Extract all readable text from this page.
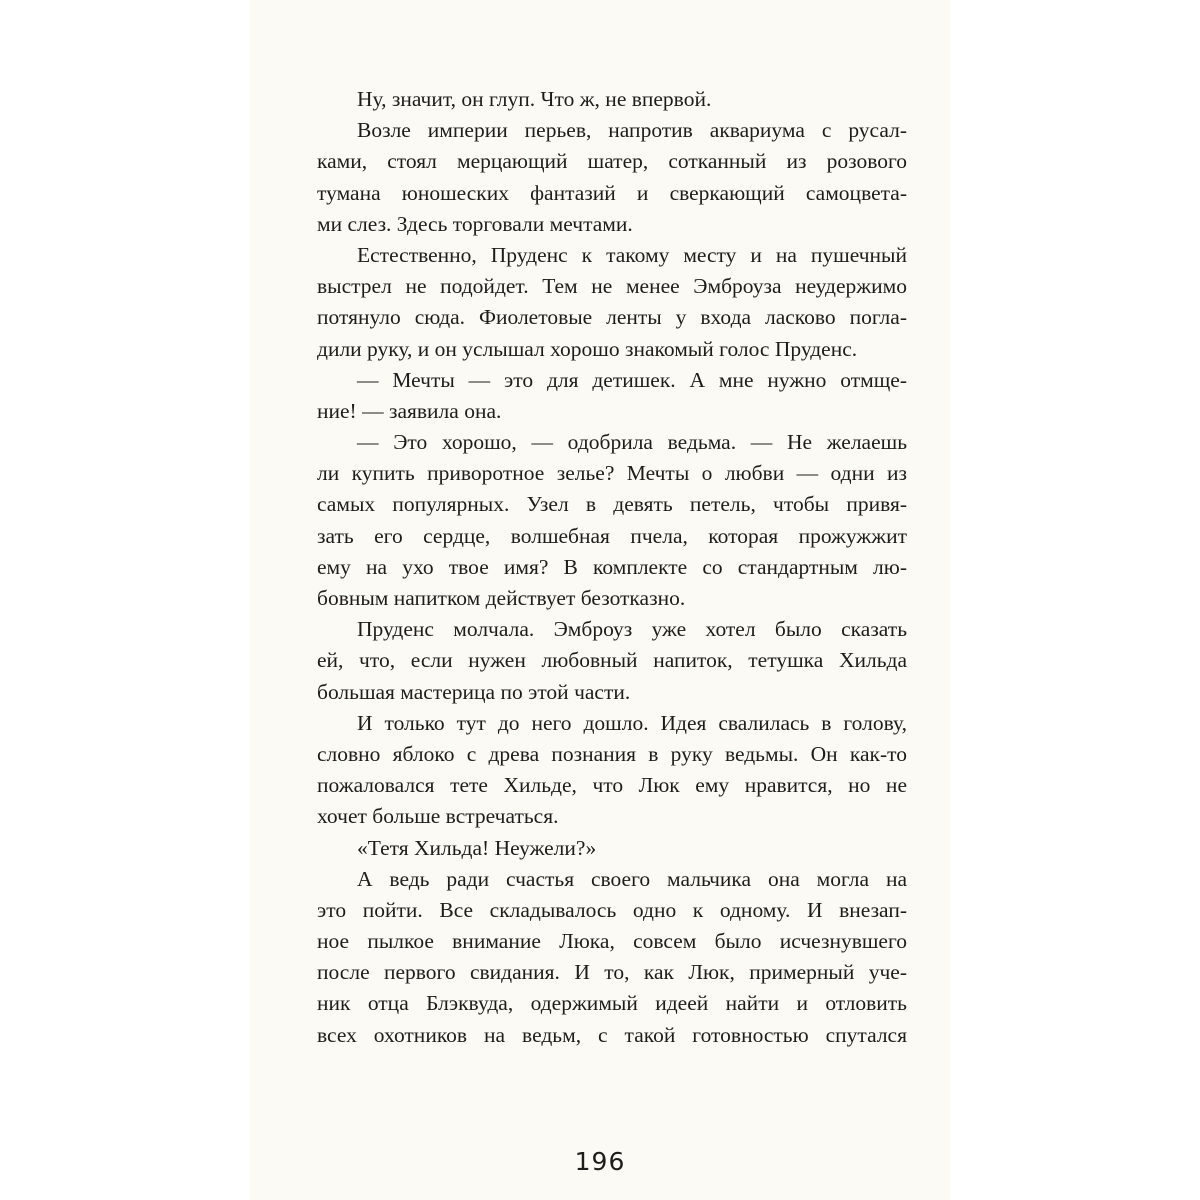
Ну, значит, он глуп. Что ж, не впервой.
Возле империи перьев, напротив аквариума с русал-
ками, стоял мерцающий шатер, сотканный из розового
тумана юношеских фантазий и сверкающий самоцвета-
ми слез. Здесь торговали мечтами.
Естественно, Пруденс к такому месту и на пушечный
выстрел не подойдет. Тем не менее Эмброуза неудержимо
потянуло сюда. Фиолетовые ленты у входа ласково погла-
дили руку, и он услышал хорошо знакомый голос Пруденс.
— Мечты — это для детишек. А мне нужно отмще-
ние! — заявила она.
— Это хорошо, — одобрила ведьма. — Не желаешь
ли купить приворотное зелье? Мечты о любви — одни из
самых популярных. Узел в девять петель, чтобы привя-
зать его сердце, волшебная пчела, которая прожужжит
ему на ухо твое имя? В комплекте со стандартным лю-
бовным напитком действует безотказно.
Пруденс молчала. Эмброуз уже хотел было сказать
ей, что, если нужен любовный напиток, тетушка Хильда
большая мастерица по этой части.
И только тут до него дошло. Идея свалилась в голову,
словно яблоко с древа познания в руку ведьмы. Он как-то
пожаловался тете Хильде, что Люк ему нравится, но не
хочет больше встречаться.
«Тетя Хильда! Неужели?»
А ведь ради счастья своего мальчика она могла на
это пойти. Все складывалось одно к одному. И внезап-
ное пылкое внимание Люка, совсем было исчезнувшего
после первого свидания. И то, как Люк, примерный уче-
ник отца Блэквуда, одержимый идеей найти и отловить
всех охотников на ведьм, с такой готовностью спутался
196
